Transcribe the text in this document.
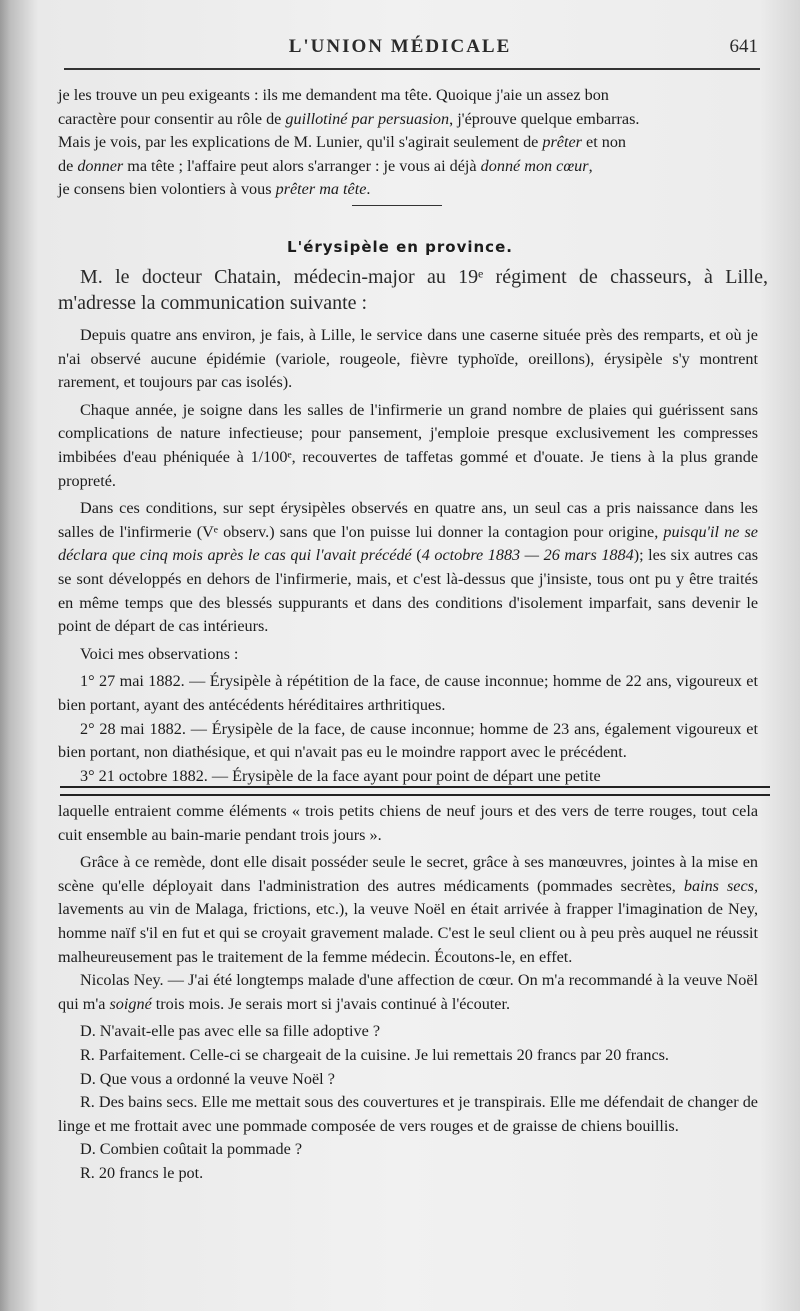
L'UNION MÉDICALE	641

je les trouve un peu exigeants : ils me demandent ma tête. Quoique j'aie un assez bon

caractère pour consentir au rôle de guillotiné par persuasion, j'éprouve quelque embarras.

Mais je vois, par les explications de M. Lunier, qu'il s'agirait seulement de prêter et non

de donner ma tête ; l'affaire peut alors s'arranger : je vous ai déjà donné mon cœur,

je consens bien volontiers à vous prêter ma tête.

L'érysipèle en province.

M. le docteur Chatain, médecin-major au 19ᵉ régiment de chasseurs, à Lille, m'adresse la communication suivante :

Depuis quatre ans environ, je fais, à Lille, le service dans une caserne située près des remparts, et où je n'ai observé aucune épidémie (variole, rougeole, fièvre typhoïde, oreillons), érysipèle s'y montrent rarement, et toujours par cas isolés).

Chaque année, je soigne dans les salles de l'infirmerie un grand nombre de plaies qui guérissent sans complications de nature infectieuse; pour pansement, j'emploie presque exclusivement les compresses imbibées d'eau phéniquée à 1/100ᵉ, recouvertes de taffetas gommé et d'ouate. Je tiens à la plus grande propreté.

Dans ces conditions, sur sept érysipèles observés en quatre ans, un seul cas a pris naissance dans les salles de l'infirmerie (Vᵉ observ.) sans que l'on puisse lui donner la contagion pour origine, puisqu'il ne se déclara que cinq mois après le cas qui l'avait précédé (4 octobre 1883 — 26 mars 1884); les six autres cas se sont développés en dehors de l'infirmerie, mais, et c'est là-dessus que j'insiste, tous ont pu y être traités en même temps que des blessés suppurants et dans des conditions d'isolement imparfait, sans devenir le point de départ de cas intérieurs.

Voici mes observations :

1° 27 mai 1882. — Érysipèle à répétition de la face, de cause inconnue; homme de 22 ans, vigoureux et bien portant, ayant des antécédents héréditaires arthritiques.

2° 28 mai 1882. — Érysipèle de la face, de cause inconnue; homme de 23 ans, également vigoureux et bien portant, non diathésique, et qui n'avait pas eu le moindre rapport avec le précédent.

3° 21 octobre 1882. — Érysipèle de la face ayant pour point de départ une petite

laquelle entraient comme éléments « trois petits chiens de neuf jours et des vers de terre rouges, tout cela cuit ensemble au bain-marie pendant trois jours ».

Grâce à ce remède, dont elle disait posséder seule le secret, grâce à ses manœuvres, jointes à la mise en scène qu'elle déployait dans l'administration des autres médicaments (pommades secrètes, bains secs, lavements au vin de Malaga, frictions, etc.), la veuve Noël en était arrivée à frapper l'imagination de Ney, homme naïf s'il en fut et qui se croyait gravement malade. C'est le seul client ou à peu près auquel ne réussit malheureusement pas le traitement de la femme médecin. Écoutons-le, en effet.

Nicolas Ney. — J'ai été longtemps malade d'une affection de cœur. On m'a recommandé à la veuve Noël qui m'a soigné trois mois. Je serais mort si j'avais continué à l'écouter.

D. N'avait-elle pas avec elle sa fille adoptive ?

R. Parfaitement. Celle-ci se chargeait de la cuisine. Je lui remettais 20 francs par 20 francs.

D. Que vous a ordonné la veuve Noël ?

R. Des bains secs. Elle me mettait sous des couvertures et je transpirais. Elle me défendait de changer de linge et me frottait avec une pommade composée de vers rouges et de graisse de chiens bouillis.

D. Combien coûtait la pommade ?

R. 20 francs le pot.
